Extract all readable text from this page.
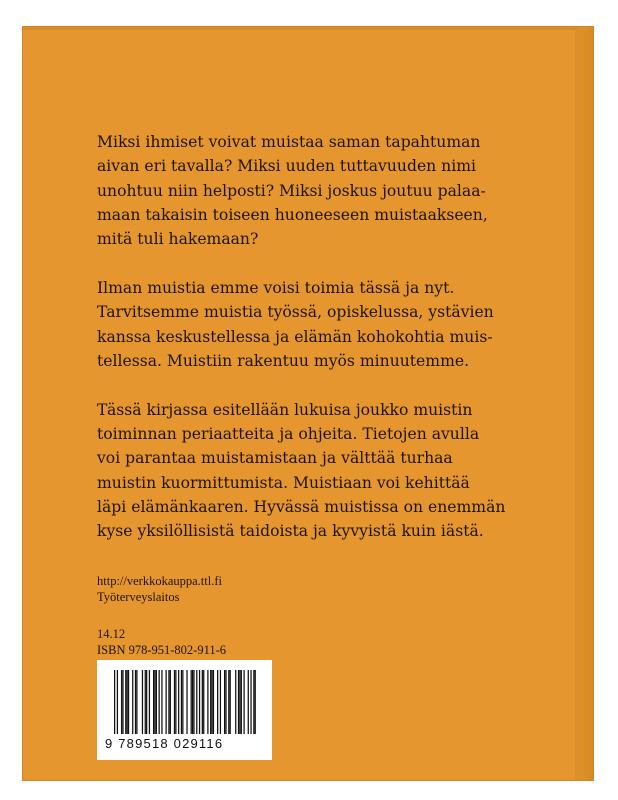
Miksi ihmiset voivat muistaa saman tapahtuman
aivan eri tavalla? Miksi uuden tuttavuuden nimi
unohtuu niin helposti? Miksi joskus joutuu palaa-
maan takaisin toiseen huoneeseen muistaakseen,
mitä tuli hakemaan?

Ilman muistia emme voisi toimia tässä ja nyt.
Tarvitsemme muistia työssä, opiskelussa, ystävien
kanssa keskustellessa ja elämän kohokohtia muis-
tellessa. Muistiin rakentuu myös minuutemme.

Tässä kirjassa esitellään lukuisa joukko muistin
toiminnan periaatteita ja ohjeita. Tietojen avulla
voi parantaa muistamistaan ja välttää turhaa
muistin kuormittumista. Muistiaan voi kehittää
läpi elämänkaaren. Hyvässä muistissa on enemmän
kyse yksilöllisistä taidoista ja kyvyistä kuin iästä.

http://verkkokauppa.ttl.fi
Työterveyslaitos
14.12
ISBN 978-951-802-911-6
9 789518 029116
